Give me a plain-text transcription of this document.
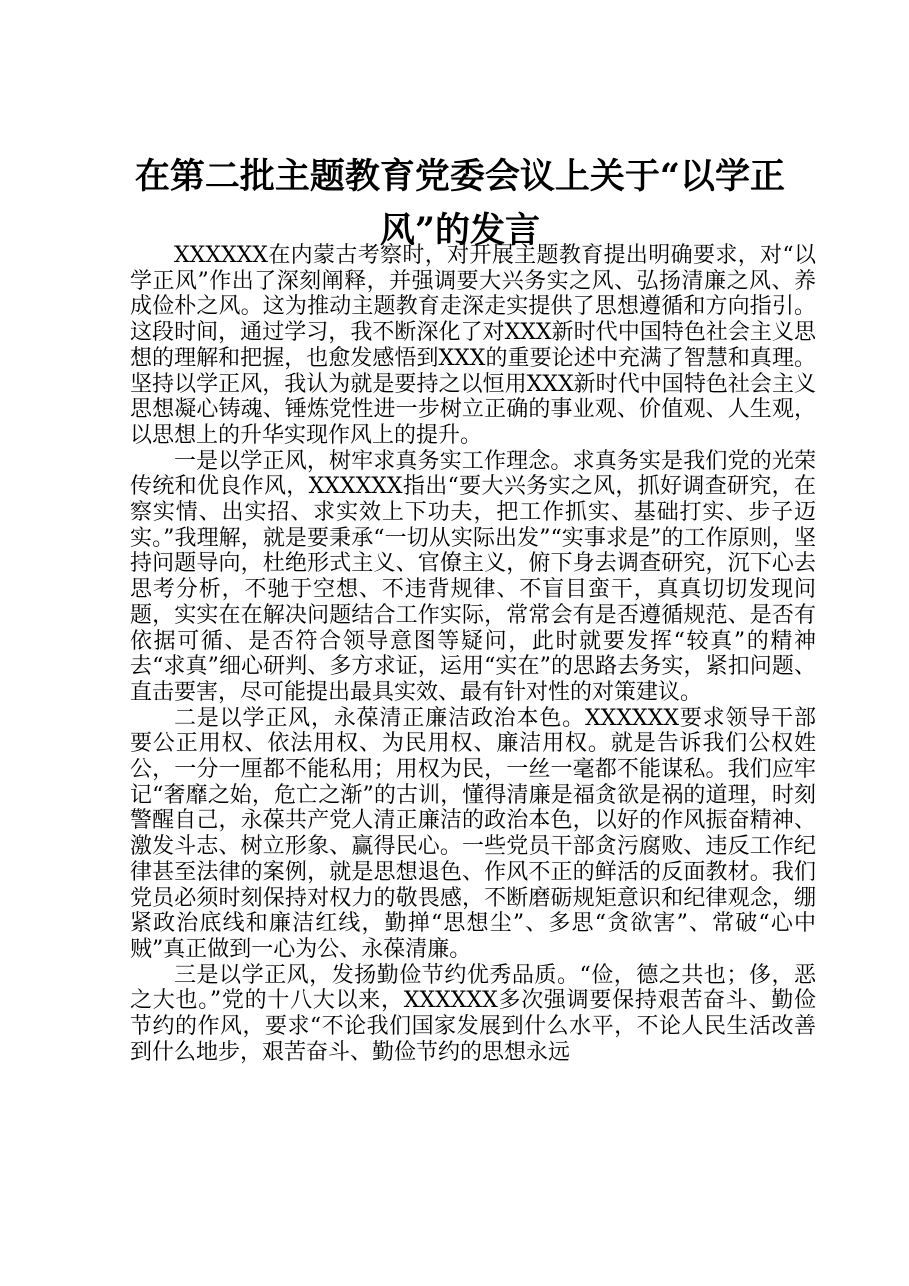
在第二批主题教育党委会议上关于“以学正风”的发言

XXXXXX在内蒙古考察时，对开展主题教育提出明确要求，对“以学正风”作出了深刻阐释，并强调要大兴务实之风、弘扬清廉之风、养成俭朴之风。这为推动主题教育走深走实提供了思想遵循和方向指引。这段时间，通过学习，我不断深化了对XXX新时代中国特色社会主义思想的理解和把握，也愈发感悟到XXX的重要论述中充满了智慧和真理。坚持以学正风，我认为就是要持之以恒用XXX新时代中国特色社会主义思想凝心铸魂、锤炼党性进一步树立正确的事业观、价值观、人生观，以思想上的升华实现作风上的提升。

一是以学正风，树牢求真务实工作理念。求真务实是我们党的光荣传统和优良作风，XXXXXX指出“要大兴务实之风，抓好调查研究，在察实情、出实招、求实效上下功夫，把工作抓实、基础打实、步子迈实。”我理解，就是要秉承“一切从实际出发”“实事求是”的工作原则，坚持问题导向，杜绝形式主义、官僚主义，俯下身去调查研究，沉下心去思考分析，不驰于空想、不违背规律、不盲目蛮干，真真切切发现问题，实实在在解决问题结合工作实际，常常会有是否遵循规范、是否有依据可循、是否符合领导意图等疑问，此时就要发挥“较真”的精神去“求真”细心研判、多方求证，运用“实在”的思路去务实，紧扣问题、直击要害，尽可能提出最具实效、最有针对性的对策建议。

二是以学正风，永葆清正廉洁政治本色。XXXXXX要求领导干部要公正用权、依法用权、为民用权、廉洁用权。就是告诉我们公权姓公，一分一厘都不能私用；用权为民，一丝一毫都不能谋私。我们应牢记“奢靡之始，危亡之渐”的古训，懂得清廉是福贪欲是祸的道理，时刻警醒自己，永葆共产党人清正廉洁的政治本色，以好的作风振奋精神、激发斗志、树立形象、赢得民心。一些党员干部贪污腐败、违反工作纪律甚至法律的案例，就是思想退色、作风不正的鲜活的反面教材。我们党员必须时刻保持对权力的敬畏感，不断磨砺规矩意识和纪律观念，绷紧政治底线和廉洁红线，勤掸“思想尘”、多思“贪欲害”、常破“心中贼”真正做到一心为公、永葆清廉。

三是以学正风，发扬勤俭节约优秀品质。“俭，德之共也；侈，恶之大也。”党的十八大以来，XXXXXX多次强调要保持艰苦奋斗、勤俭节约的作风，要求“不论我们国家发展到什么水平，不论人民生活改善到什么地步，艰苦奋斗、勤俭节约的思想永远
